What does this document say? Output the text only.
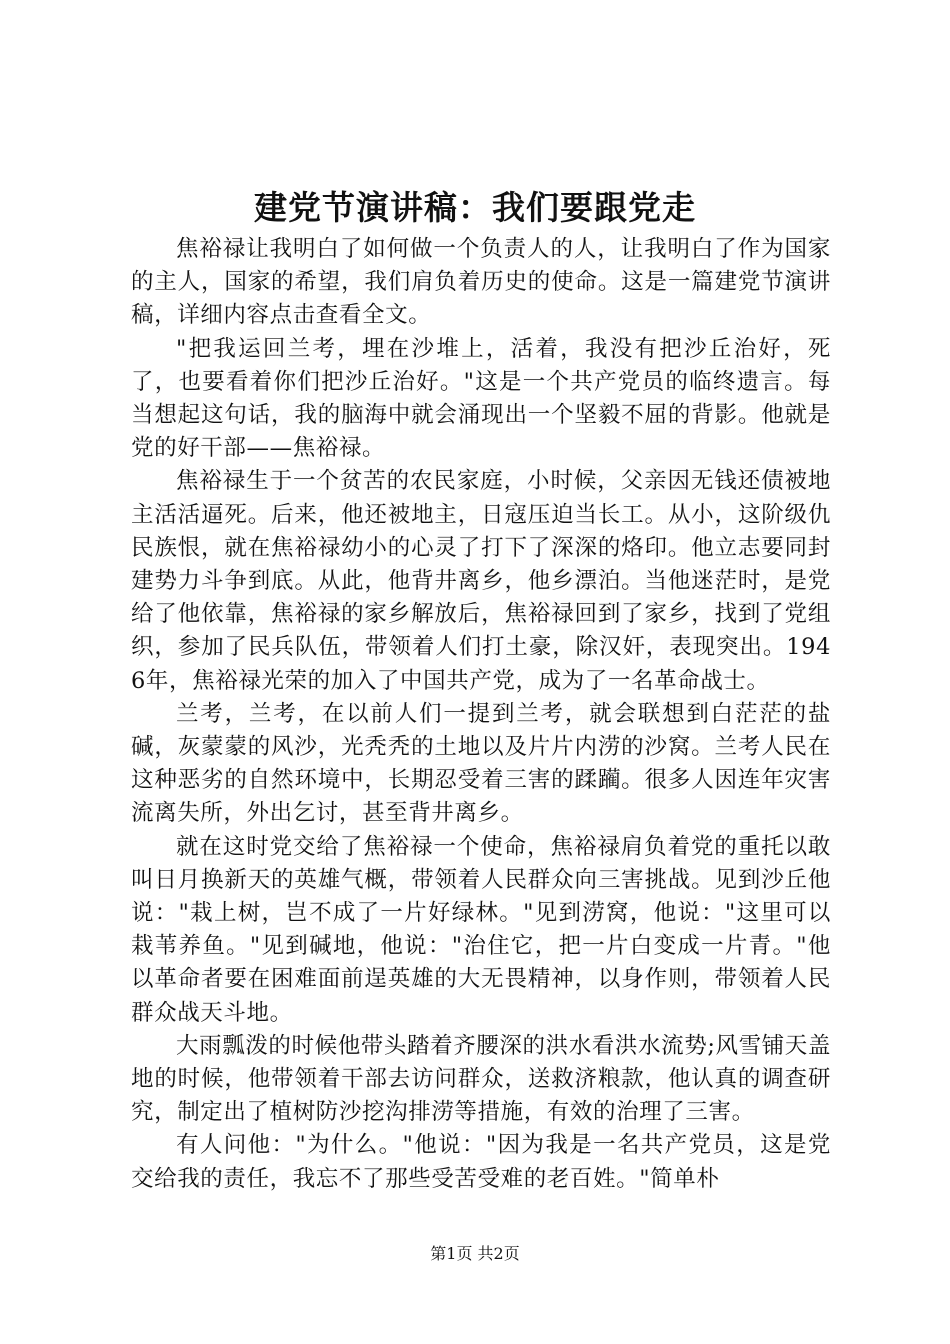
建党节演讲稿：我们要跟党走

焦裕禄让我明白了如何做一个负责人的人，让我明白了作为国家的主人，国家的希望，我们肩负着历史的使命。这是一篇建党节演讲稿，详细内容点击查看全文。

"把我运回兰考，埋在沙堆上，活着，我没有把沙丘治好，死了，也要看着你们把沙丘治好。"这是一个共产党员的临终遗言。每当想起这句话，我的脑海中就会涌现出一个坚毅不屈的背影。他就是党的好干部——焦裕禄。

焦裕禄生于一个贫苦的农民家庭，小时候，父亲因无钱还债被地主活活逼死。后来，他还被地主，日寇压迫当长工。从小，这阶级仇民族恨，就在焦裕禄幼小的心灵了打下了深深的烙印。他立志要同封建势力斗争到底。从此，他背井离乡，他乡漂泊。当他迷茫时，是党给了他依靠，焦裕禄的家乡解放后，焦裕禄回到了家乡，找到了党组织，参加了民兵队伍，带领着人们打土豪，除汉奸，表现突出。1946年，焦裕禄光荣的加入了中国共产党，成为了一名革命战士。

兰考，兰考，在以前人们一提到兰考，就会联想到白茫茫的盐碱，灰蒙蒙的风沙，光秃秃的土地以及片片内涝的沙窝。兰考人民在这种恶劣的自然环境中，长期忍受着三害的蹂躏。很多人因连年灾害流离失所，外出乞讨，甚至背井离乡。

就在这时党交给了焦裕禄一个使命，焦裕禄肩负着党的重托以敢叫日月换新天的英雄气概，带领着人民群众向三害挑战。见到沙丘他说："栽上树，岂不成了一片好绿林。"见到涝窝，他说："这里可以栽苇养鱼。"见到碱地，他说："治住它，把一片白变成一片青。"他以革命者要在困难面前逞英雄的大无畏精神，以身作则，带领着人民群众战天斗地。

大雨瓢泼的时候他带头踏着齐腰深的洪水看洪水流势;风雪铺天盖地的时候，他带领着干部去访问群众，送救济粮款，他认真的调查研究，制定出了植树防沙挖沟排涝等措施，有效的治理了三害。

有人问他："为什么。"他说："因为我是一名共产党员，这是党交给我的责任，我忘不了那些受苦受难的老百姓。"简单朴

第1页 共2页
